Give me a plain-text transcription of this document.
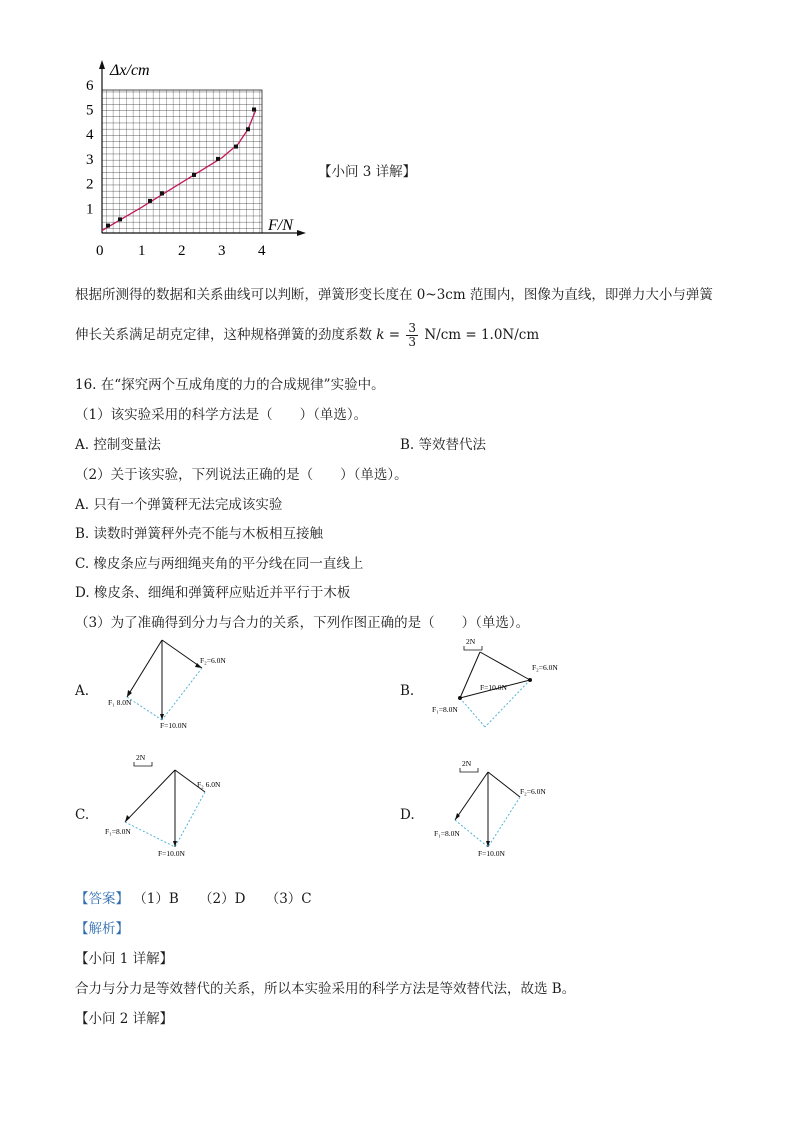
Δx/cm
F/N
1
2
3
4
5
6
0 1 2 3 4
【小问 3 详解】
根据所测得的数据和关系曲线可以判断，弹簧形变长度在 0~3cm 范围内，图像为直线，即弹力大小与弹簧
伸长关系满足胡克定律，这种规格弹簧的劲度系数 $k = \frac{3}{3} N/cm = 1.0N/cm$
16. 在“探究两个互成角度的力的合成规律”实验中。
（1）该实验采用的科学方法是（　　）（单选）。
A. 控制变量法	B. 等效替代法
（2）关于该实验，下列说法正确的是（　　）（单选）。
A. 只有一个弹簧秤无法完成该实验
B. 读数时弹簧秤外壳不能与木板相互接触
C. 橡皮条应与两细绳夹角的平分线在同一直线上
D. 橡皮条、细绳和弹簧秤应贴近并平行于木板
（3）为了准确得到分力与合力的关系，下列作图正确的是（　　）（单选）。
A.
F₁ 8.0N
F₂=6.0N
F=10.0N
B.
2N
F₁=8.0N
F₂=6.0N
F=10.0N
C.
2N
F₁=8.0N
F₂ 6.0N
F=10.0N
D.
2N
F₁=8.0N
F₂=6.0N
F=10.0N
【答案】 （1）B　　（2）D　　（3）C
【解析】
【小问 1 详解】
合力与分力是等效替代的关系，所以本实验采用的科学方法是等效替代法，故选 B。
【小问 2 详解】
